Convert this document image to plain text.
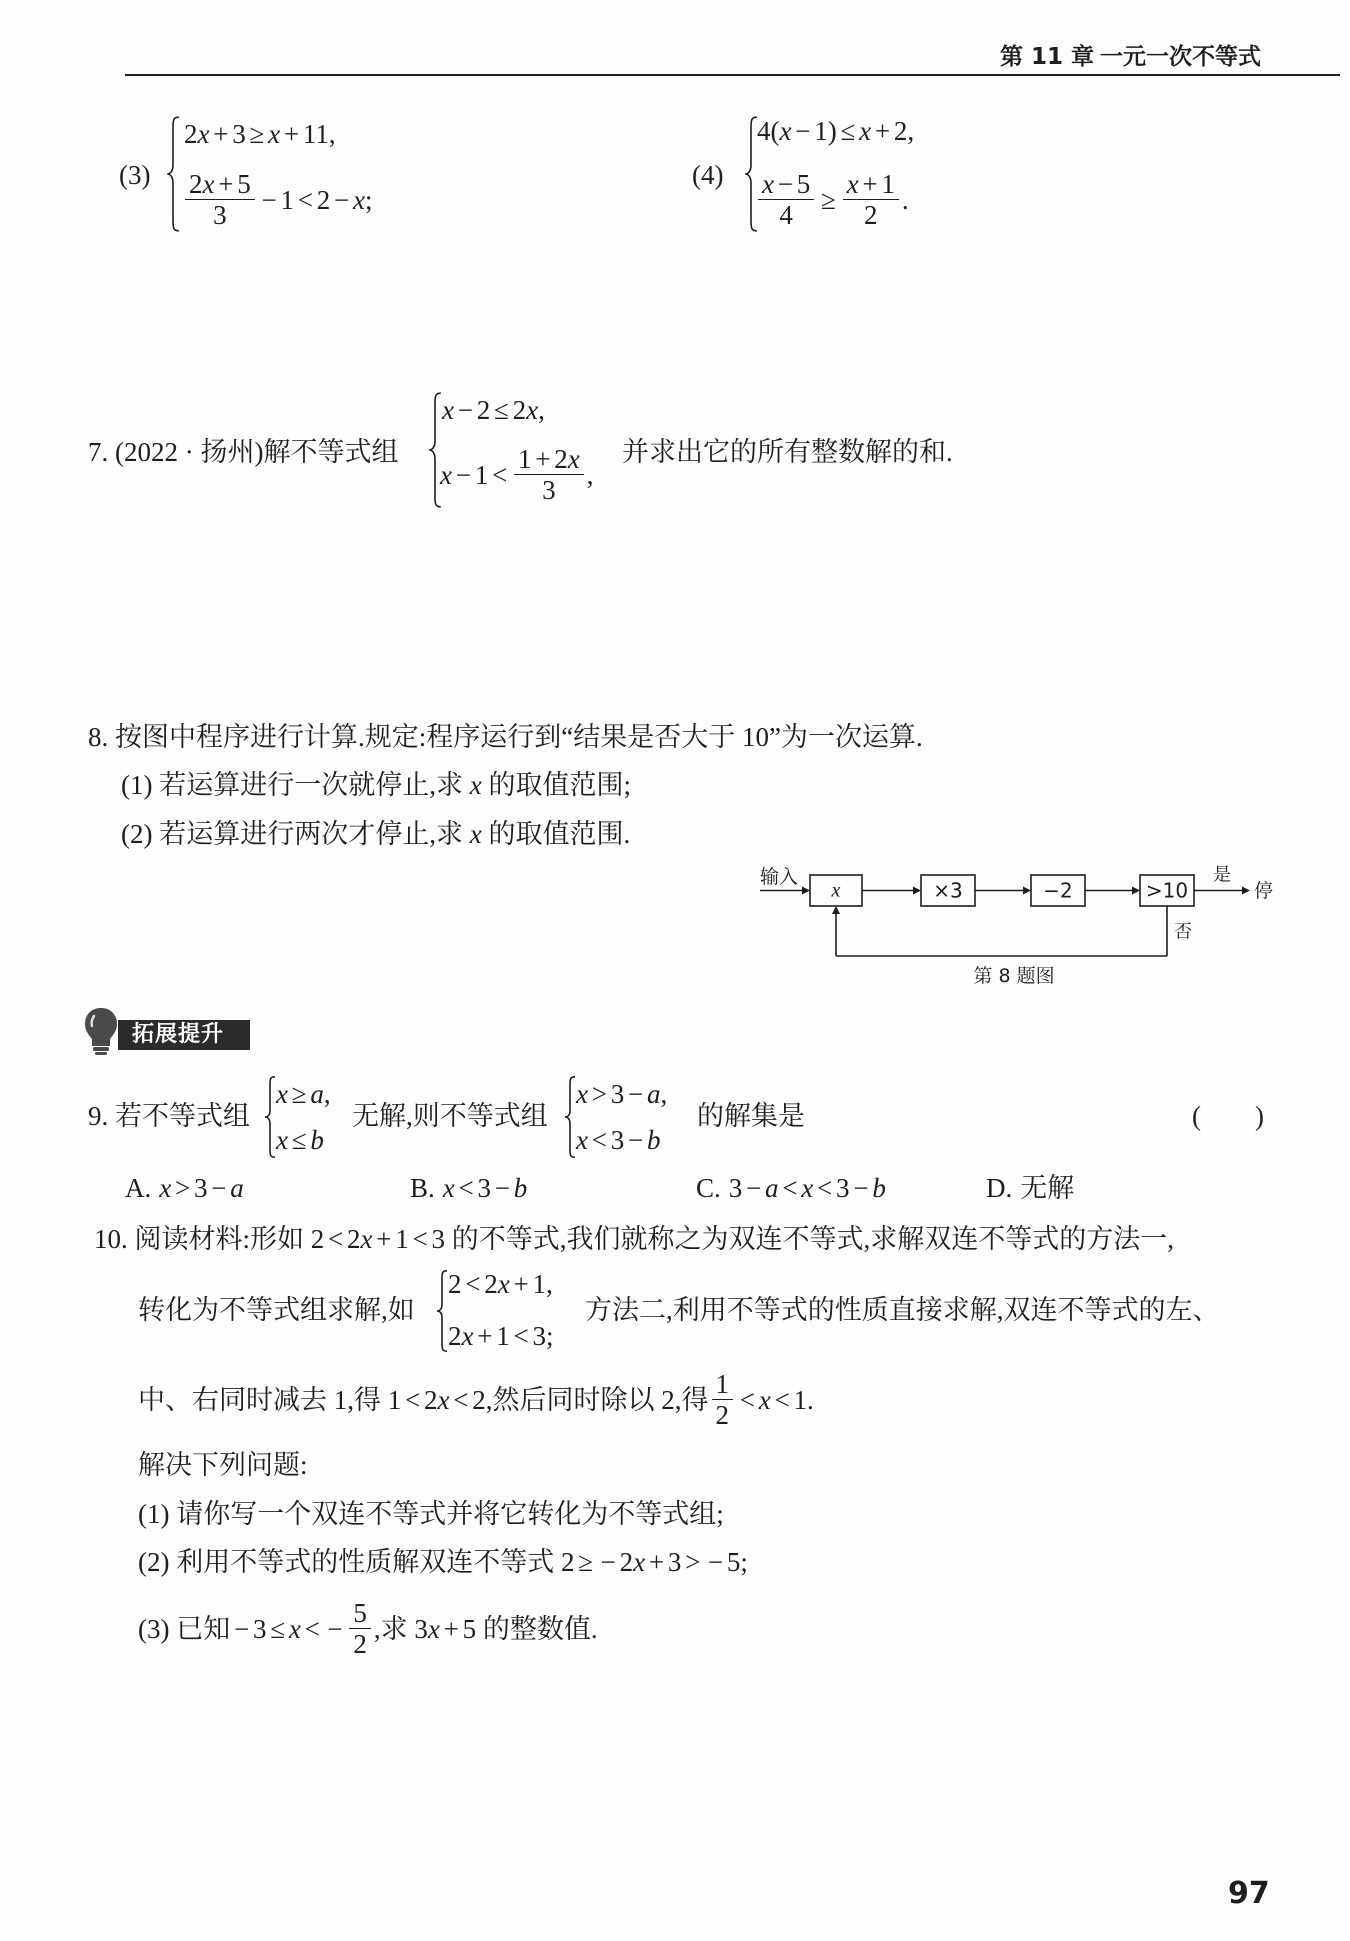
第 11 章 一元一次不等式
(3)
2x + 3 ≥ x + 11,
$\frac{2x + 5}{3} - 1 < 2 - x$;
(4)
4(x − 1) ≤ x + 2,
$\frac{x - 5}{4} \ge \frac{x + 1}{2}$ .
7. (2022 · 扬州)解不等式组
x − 2 ≤ 2x,
$x - 1 < \frac{1 + 2x}{3}$ ,
并求出它的所有整数解的和.
8. 按图中程序进行计算.规定:程序运行到“结果是否大于 10”为一次运算.
(1) 若运算进行一次就停止,求 x 的取值范围;
(2) 若运算进行两次才停止,求 x 的取值范围.
输入
x	×3	−2	>10
是
停
否
第 8 题图
拓展提升
9. 若不等式组
x ≥ a,
x ≤ b
无解,则不等式组
x > 3 − a,
x < 3 − b
的解集是	(　　)
A. x > 3 − a	B. x < 3 − b	C. 3 − a < x < 3 − b	D. 无解
10. 阅读材料:形如 2 < 2x + 1 < 3 的不等式,我们就称之为双连不等式,求解双连不等式的方法一,
转化为不等式组求解,如
2 < 2x + 1,
2x + 1 < 3;
方法二,利用不等式的性质直接求解,双连不等式的左、
中、右同时减去 1,得 1 < 2x < 2,然后同时除以 2,得 $\frac{1}{2} < x < 1$.
解决下列问题:
(1) 请你写一个双连不等式并将它转化为不等式组;
(2) 利用不等式的性质解双连不等式 2 ≥ − 2x + 3 > − 5;
(3) 已知 − 3 ≤ x < − $\frac{5}{2}$ ,求 3x + 5 的整数值.
97
